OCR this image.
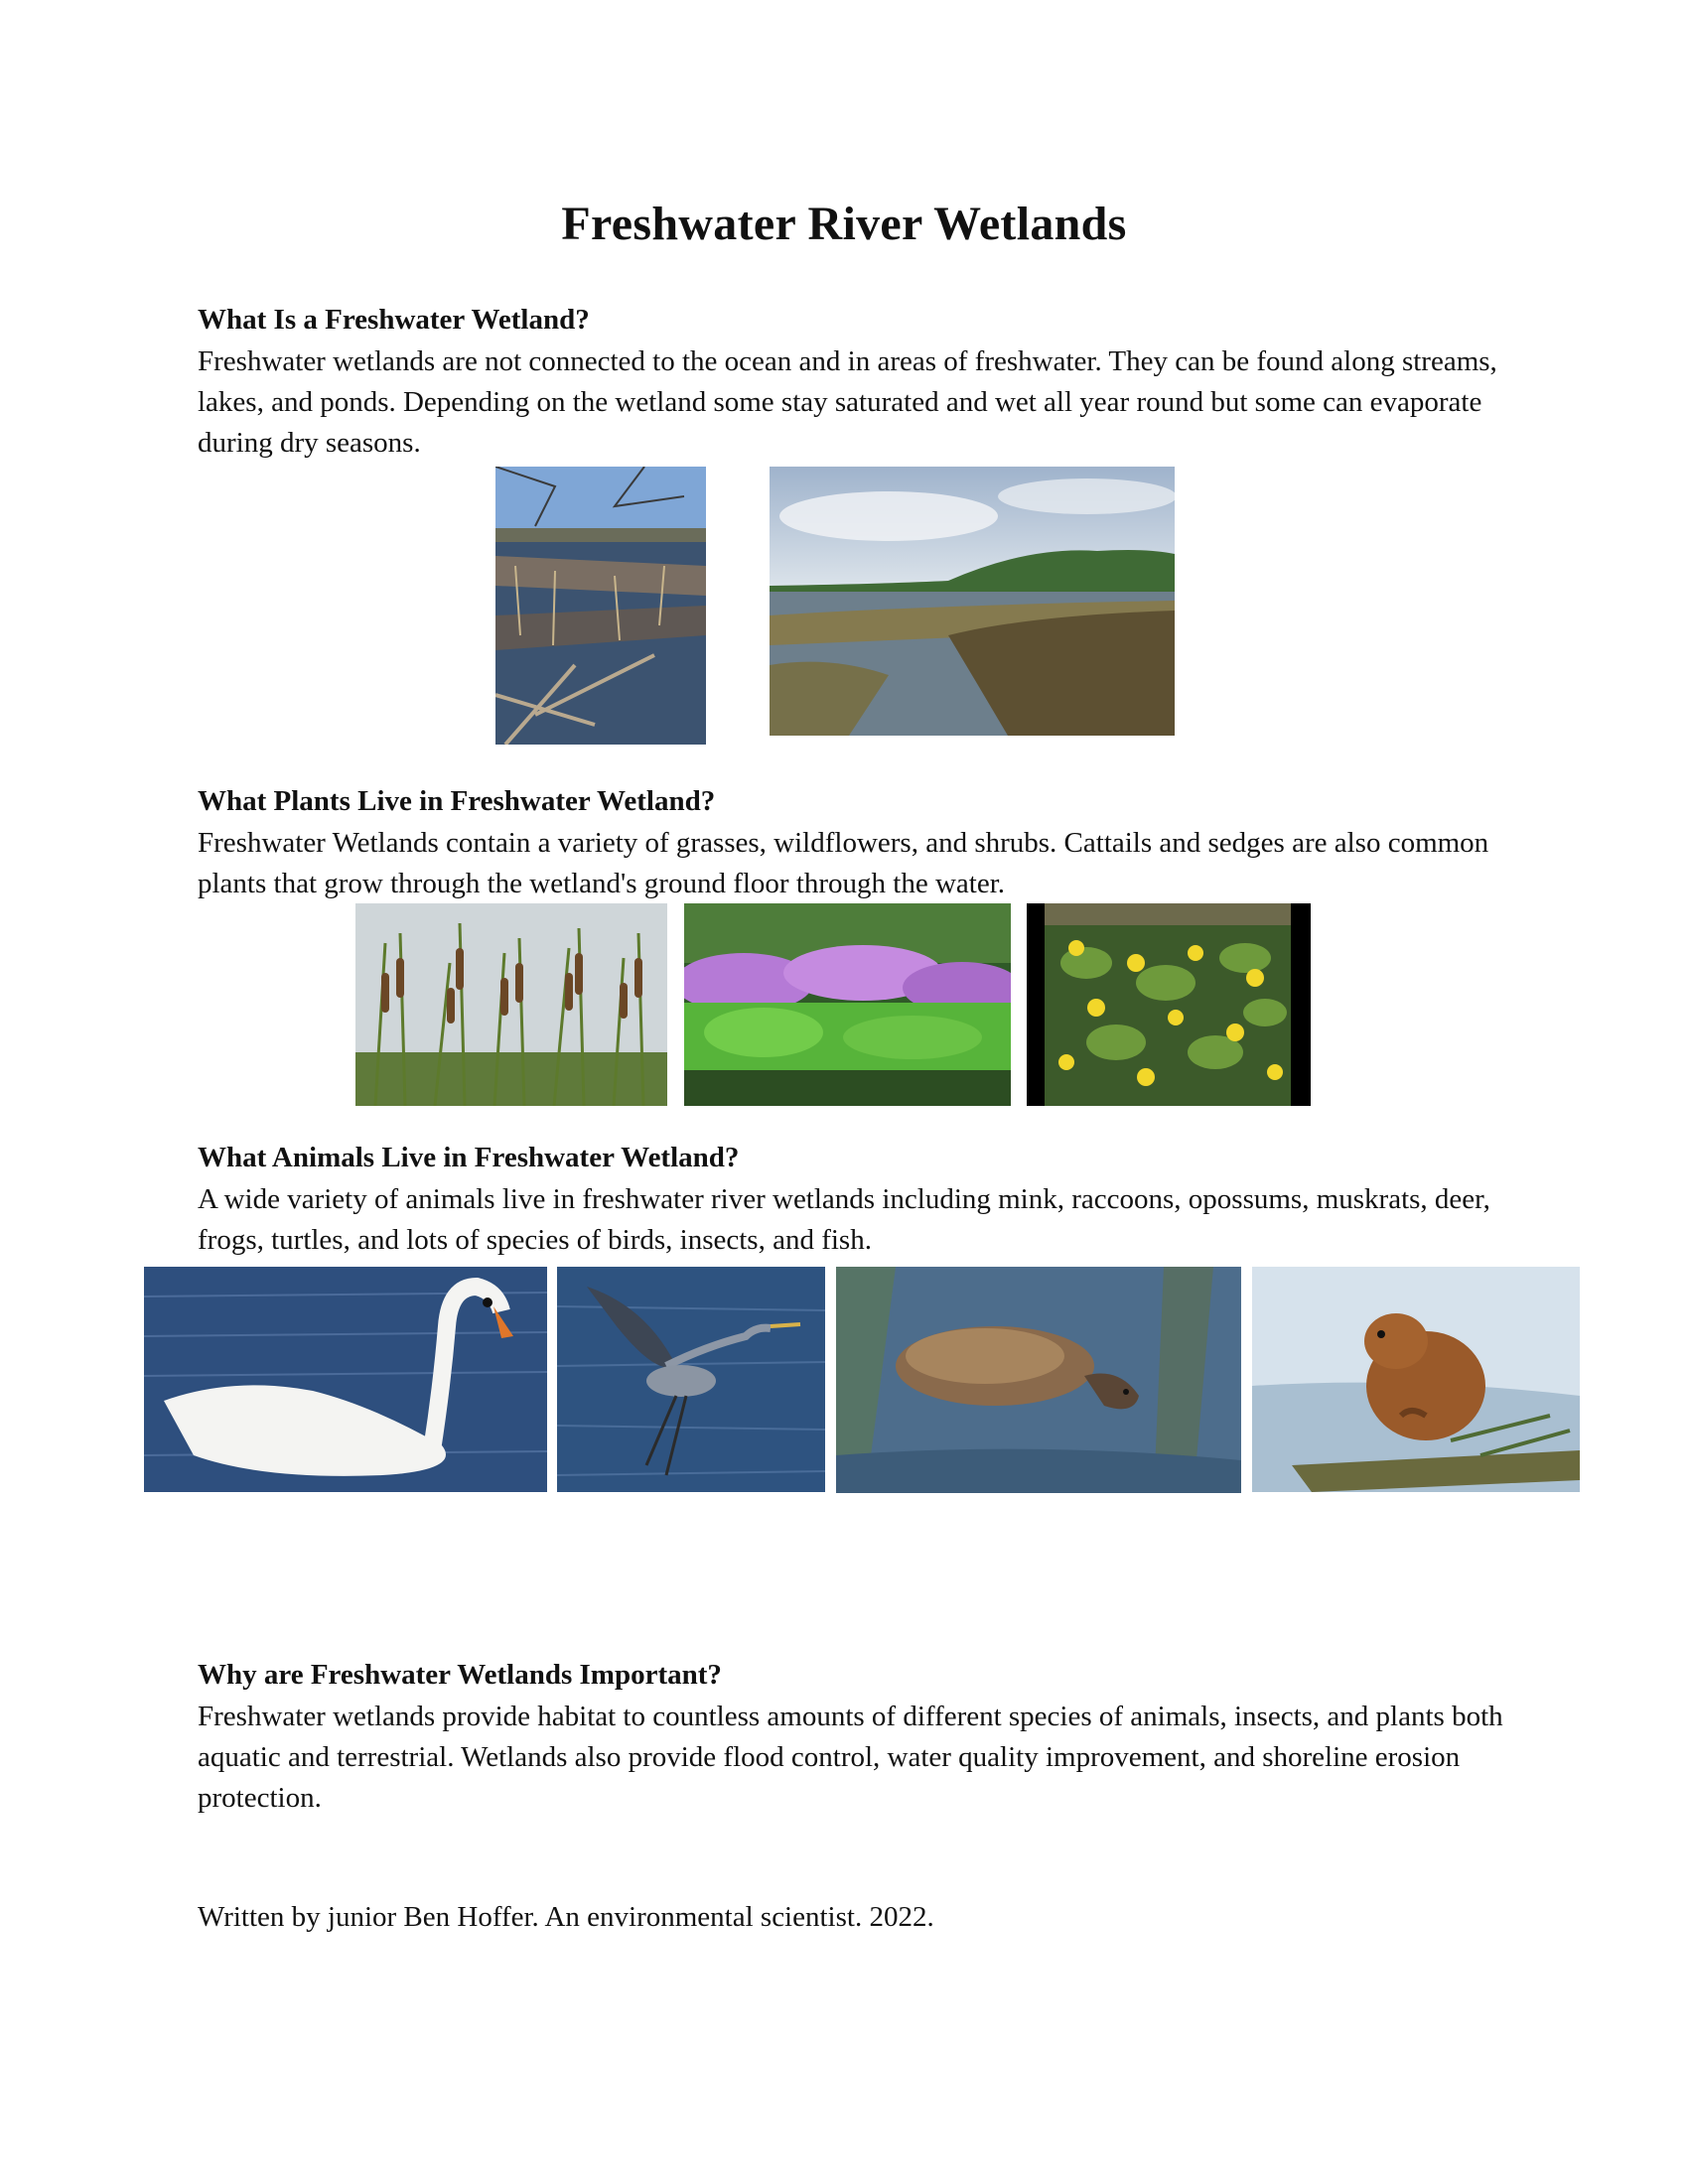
Freshwater River Wetlands
What Is a Freshwater Wetland?

Freshwater wetlands are not connected to the ocean and in areas of freshwater. They can be found along streams, lakes, and ponds. Depending on the wetland some stay saturated and wet all year round but some can evaporate during dry seasons.

What Plants Live in Freshwater Wetland?

Freshwater Wetlands contain a variety of grasses, wildflowers, and shrubs. Cattails and sedges are also common plants that grow through the wetland's ground floor through the water.

What Animals Live in Freshwater Wetland?

A wide variety of animals live in freshwater river wetlands including mink, raccoons, opossums, muskrats, deer, frogs, turtles, and lots of species of birds, insects, and fish.

Why are Freshwater Wetlands Important?

Freshwater wetlands provide habitat to countless amounts of different species of animals, insects, and plants both aquatic and terrestrial. Wetlands also provide flood control, water quality improvement, and shoreline erosion protection.

Written by junior Ben Hoffer. An environmental scientist. 2022.
